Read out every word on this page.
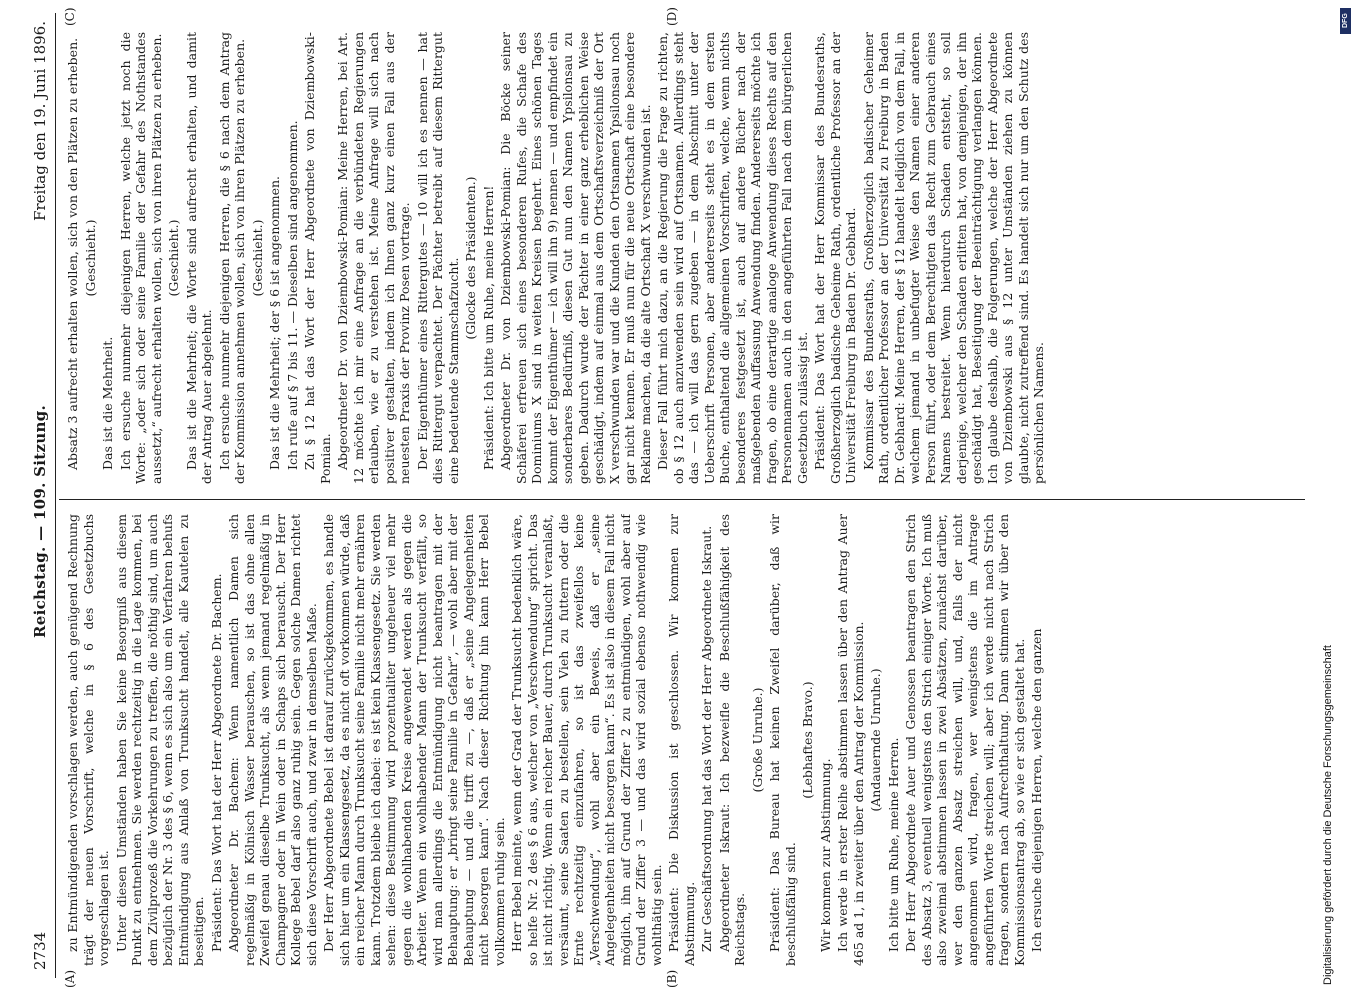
2734
Reichstag. — 109. Sitzung.
Freitag den 19. Juni 1896.
(A)	(B)
(C)	(D)

zu Entmündigenden vorschlagen werden, auch genügend Rechnung trägt der neuen Vorschrift, welche in § 6 des Gesetzbuchs vorgeschlagen ist. Unter diesen Umständen haben Sie keine Besorgniß aus diesem Punkt zu entnehmen. Sie werden rechtzeitig in die Lage kommen, bei dem Zivilprozeß die Vorkehrungen zu treffen, die nöthig sind, um auch bezüglich der Nr. 3 des § 6, wenn es sich also um ein Verfahren behufs Entmündigung aus Anlaß von Trunksucht handelt, alle Kautelen zu beseitigen. Präsident: Das Wort hat der Herr Abgeordnete Dr. Bachem. Abgeordneter Dr. Bachem: Wenn namentlich Damen sich regelmäßig in Kölnisch Wasser berauschen, so ist das ohne allen Zweifel genau dieselbe Trunksucht, als wenn jemand regelmäßig in Champagner oder in Wein oder in Schaps sich berauscht. Der Herr Kollege Bebel darf also ganz ruhig sein. Gegen solche Damen richtet sich diese Vorschrift auch, und zwar in demselben Maße. Der Herr Abgeordnete Bebel ist darauf zurückgekommen, es handle sich hier um ein Klassengesetz, da es nicht oft vorkommen würde, daß ein reicher Mann durch Trunksucht seine Familie nicht mehr ernähren kann. Trotzdem bleibe ich dabei: es ist kein Klassengesetz. Sie werden sehen: diese Bestimmung wird prozentualiter ungeheuer viel mehr gegen die wohlhabenden Kreise angewendet werden als gegen die Arbeiter. Wenn ein wohlhabender Mann der Trunksucht verfällt, so wird man allerdings die Entmündigung nicht beantragen mit der Behauptung: er „bringt seine Familie in Gefahr“, — wohl aber mit der Behauptung — und die trifft zu —, daß er „seine Angelegenheiten nicht besorgen kann“. Nach dieser Richtung hin kann Herr Bebel vollkommen ruhig sein. Herr Bebel meinte, wenn der Grad der Trunksucht bedenklich wäre, so helfe Nr. 2 des § 6 aus, welcher von „Verschwendung“ spricht. Das ist nicht richtig. Wenn ein reicher Bauer, durch Trunksucht veranlaßt, versäumt, seine Saaten zu bestellen, sein Vieh zu futtern oder die Ernte rechtzeitig einzufahren, so ist das zweifellos keine „Verschwendung“, wohl aber ein Beweis, daß er „seine Angelegenheiten nicht besorgen kann“. Es ist also in diesem Fall nicht möglich, ihn auf Grund der Ziffer 2 zu entmündigen, wohl aber auf Grund der Ziffer 3 — und das wird sozial ebenso nothwendig wie wohlthätig sein. Präsident: Die Diskussion ist geschlossen. Wir kommen zur Abstimmung. Zur Geschäftsordnung hat das Wort der Herr Abgeordnete Iskraut. Abgeordneter Iskraut: Ich bezweifle die Beschlußfähigkeit des Reichstags.

(Große Unruhe.) Präsident: Das Bureau hat keinen Zweifel darüber, daß wir beschlußfähig sind.

(Lebhaftes Bravo.)

Wir kommen zur Abstimmung. Ich werde in erster Reihe abstimmen lassen über den Antrag Auer 465 ad 1, in zweiter über den Antrag der Kommission. (Andauernde Unruhe.) Ich bitte um Ruhe, meine Herren. Der Herr Abgeordnete Auer und Genossen beantragen den Strich des Absatz 3, eventuell wenigstens den Strich einiger Worte. Ich muß also zweimal abstimmen lassen in zwei Absätzen, zunächst darüber, wer den ganzen Absatz streichen will, und, falls der nicht angenommen wird, fragen, wer wenigstens die im Antrage angeführten Worte streichen will; aber ich werde nicht nach Strich fragen, sondern nach Aufrechthaltung. Dann stimmen wir über den Kommissionsantrag ab, so wie er sich gestaltet hat. Ich ersuche diejenigen Herren, welche den ganzen

Absatz 3 aufrecht erhalten wollen, sich von den Plätzen zu erheben. (Geschieht.)

Das ist die Mehrheit. Ich ersuche nunmehr diejenigen Herren, welche jetzt noch die Worte: „oder sich oder seine Familie der Gefahr des Nothstandes aussetzt,“ aufrecht erhalten wollen, sich von ihren Plätzen zu erheben. (Geschieht.) Das ist die Mehrheit; die Worte sind aufrecht erhalten, und damit der Antrag Auer abgelehnt. Ich ersuche nunmehr diejenigen Herren, die § 6 nach dem Antrag der Kommission annehmen wollen, sich von ihren Plätzen zu erheben. (Geschieht.) Das ist die Mehrheit; der § 6 ist angenommen. Ich rufe auf § 7 bis 11. — Dieselben sind angenommen. Zu § 12 hat das Wort der Herr Abgeordnete von Dziembowski-Pomian. Abgeordneter Dr. von Dziembowski-Pomian: Meine Herren, bei Art. 12 möchte ich mir eine Anfrage an die verbündeten Regierungen erlauben, wie er zu verstehen ist. Meine Anfrage will sich nach positiver gestalten, indem ich Ihnen ganz kurz einen Fall aus der neuesten Praxis der Provinz Posen vortrage. Der Eigenthümer eines Rittergutes — 10 will ich es nennen — hat dies Rittergut verpachtet. Der Pächter betreibt auf diesem Rittergut eine bedeutende Stammschafzucht. (Glocke des Präsidenten.) Präsident: Ich bitte um Ruhe, meine Herren! Abgeordneter Dr. von Dziembowski-Pomian: Die Böcke seiner Schäferei erfreuen sich eines besonderen Rufes, die Schafe des Dominiums X sind in weiten Kreisen begehrt. Eines schönen Tages kommt der Eigenthümer — ich will ihn 9) nennen — und empfindet ein sonderbares Bedürfniß, diesen Gut nun den Namen Ypsilonsau zu geben. Dadurch wurde der Pächter in einer ganz erheblichen Weise geschädigt, indem auf einmal aus dem Ortschaftsverzeichniß der Ort X verschwunden war und die Kunden den Ortsnamen Ypsilonsau noch gar nicht kennen. Er muß nun für die neue Ortschaft eine besondere Reklame machen, da die alte Ortschaft X verschwunden ist. Dieser Fall führt mich dazu, an die Regierung die Frage zu richten, ob § 12 auch anzuwenden sein wird auf Ortsnamen. Allerdings steht das — ich will das gern zugeben — in dem Abschnitt unter der Ueberschrift Personen, aber andererseits steht es in dem ersten Buche, enthaltend die allgemeinen Vorschriften, welche, wenn nichts besonderes festgesetzt ist, auch auf andere Bücher nach der maßgebenden Auffassung Anwendung finden. Andererseits möchte ich fragen, ob eine derartige analoge Anwendung dieses Rechts auf den Personennamen auch in den angeführten Fall nach dem bürgerlichen Gesetzbuch zulässig ist. Präsident: Das Wort hat der Herr Kommissar des Bundesraths, Großherzoglich badische Geheime Rath, ordentliche Professor an der Universität Freiburg in Baden Dr. Gebhard. Kommissar des Bundesraths, Großherzoglich badischer Geheimer Rath, ordentlicher Professor an der Universität zu Freiburg in Baden Dr. Gebhard: Meine Herren, der § 12 handelt lediglich von dem Fall, in welchem jemand in unbefugter Weise den Namen einer anderen Person führt, oder dem Berechtigten das Recht zum Gebrauch eines Namens bestreitet. Wenn hierdurch Schaden entsteht, so soll derjenige, welcher den Schaden erlitten hat, von demjenigen, der ihn geschädigt hat, Beseitigung der Beeinträchtigung verlangen können. Ich glaube deshalb, die Folgerungen, welche der Herr Abgeordnete von Dziembowski aus § 12 unter Umständen ziehen zu können glaubte, nicht zutreffend sind. Es handelt sich nur um den Schutz des persönlichen Namens.

Digitalisierung gefördert durch die Deutsche Forschungsgemeinschaft
DFG
